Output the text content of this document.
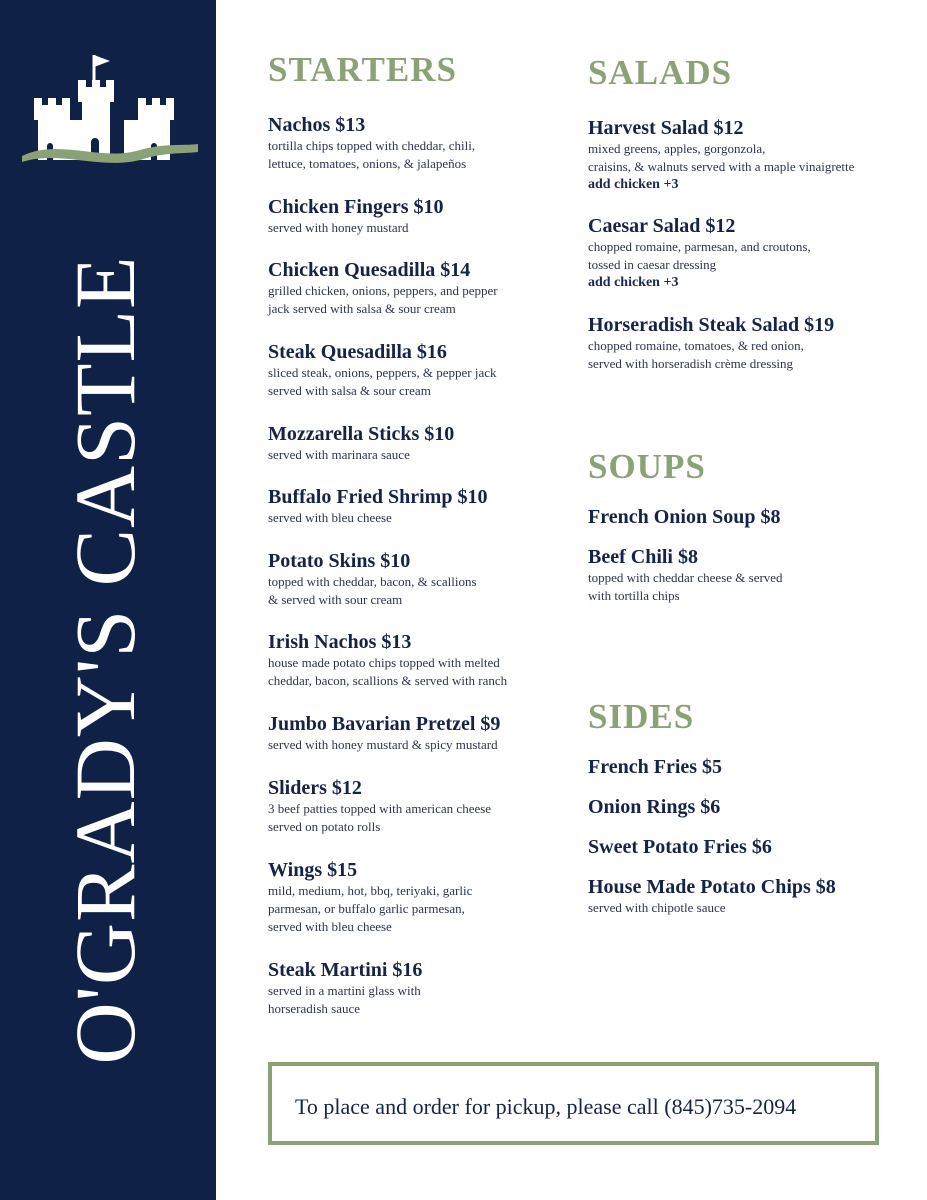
O'GRADY'S CASTLE
STARTERS
Nachos $13
tortilla chips topped with cheddar, chili,
lettuce, tomatoes, onions, & jalapeños
Chicken Fingers $10
served with honey mustard
Chicken Quesadilla $14
grilled chicken, onions, peppers, and pepper
jack served with salsa & sour cream
Steak Quesadilla $16
sliced steak, onions, peppers, & pepper jack
served with salsa & sour cream
Mozzarella Sticks $10
served with marinara sauce
Buffalo Fried Shrimp $10
served with bleu cheese
Potato Skins $10
topped with cheddar, bacon, & scallions
& served with sour cream
Irish Nachos $13
house made potato chips topped with melted
cheddar, bacon, scallions & served with ranch
Jumbo Bavarian Pretzel $9
served with honey mustard & spicy mustard
Sliders $12
3 beef patties topped with american cheese
served on potato rolls
Wings $15
mild, medium, hot, bbq, teriyaki, garlic
parmesan, or buffalo garlic parmesan,
served with bleu cheese
Steak Martini $16
served in a martini glass with
horseradish sauce
SALADS
Harvest Salad $12
mixed greens, apples, gorgonzola,
craisins, & walnuts served with a maple vinaigrette
add chicken +3
Caesar Salad $12
chopped romaine, parmesan, and croutons,
tossed in caesar dressing
add chicken +3
Horseradish Steak Salad $19
chopped romaine, tomatoes, & red onion,
served with horseradish crème dressing
SOUPS
French Onion Soup $8
Beef Chili $8
topped with cheddar cheese & served
with tortilla chips
SIDES
French Fries $5
Onion Rings $6
Sweet Potato Fries $6
House Made Potato Chips $8
served with chipotle sauce
To place and order for pickup, please call (845)735-2094
